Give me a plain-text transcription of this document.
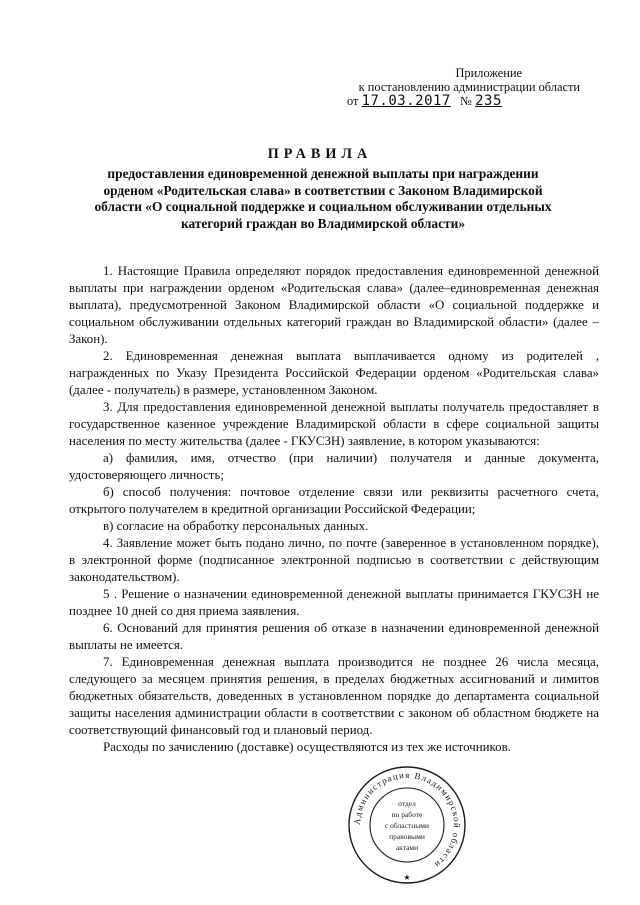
Приложение
к постановлению администрации области
от 17.03.2017 № 235
ПРАВИЛА
предоставления единовременной денежной выплаты при награждении орденом «Родительская слава» в соответствии с Законом Владимирской области «О социальной поддержке и социальном обслуживании отдельных категорий граждан во Владимирской области»

1. Настоящие Правила определяют порядок предоставления единовременной денежной выплаты при награждении орденом «Родительская слава» (далее–единовременная денежная выплата), предусмотренной Законом Владимирской области «О социальной поддержке и социальном обслуживании отдельных категорий граждан во Владимирской области» (далее – Закон).

2. Единовременная денежная выплата выплачивается одному из родителей , награжденных по Указу Президента Российской Федерации орденом «Родительская слава» (далее - получатель) в размере, установленном Законом.

3. Для предоставления единовременной денежной выплаты получатель предоставляет в государственное казенное учреждение Владимирской области в сфере социальной защиты населения по месту жительства (далее - ГКУСЗН) заявление, в котором указываются:

а) фамилия, имя, отчество (при наличии) получателя и данные документа, удостоверяющего личность;

б) способ получения: почтовое отделение связи или реквизиты расчетного счета, открытого получателем в кредитной организации Российской Федерации;

в) согласие на обработку персональных данных.

4. Заявление может быть подано лично, по почте (заверенное в установленном порядке), в электронной форме (подписанное электронной подписью в соответствии с действующим законодательством).

5 . Решение о назначении единовременной денежной выплаты принимается ГКУСЗН не позднее 10 дней со дня приема заявления.

6. Оснований для принятия решения об отказе в назначении единовременной денежной выплаты не имеется.

7. Единовременная денежная выплата производится не позднее 26 числа месяца, следующего за месяцем принятия решения, в пределах бюджетных ассигнований и лимитов бюджетных обязательств, доведенных в установленном порядке до департамента социальной защиты населения администрации области в соответствии с законом об областном бюджете на соответствующий финансовый год и плановый период.

Расходы по зачислению (доставке) осуществляются из тех же источников.

Администрация Владимирской области
★
отдел
по работе
с областными
правовыми
актами
